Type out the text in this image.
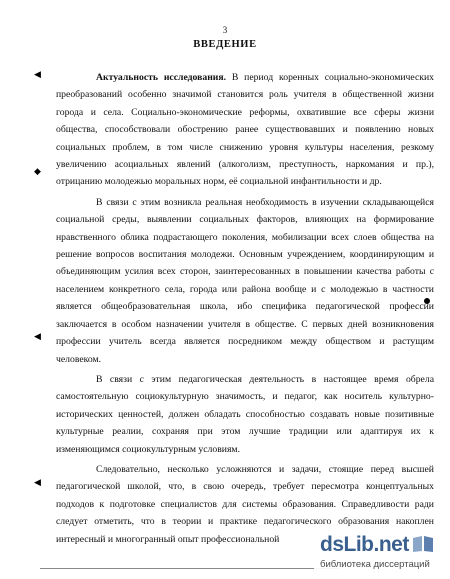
3
ВВЕДЕНИЕ
◀
◆
◀
◀

Актуальность исследования. В период коренных социально-экономических преобразований особенно значимой становится роль учителя в общественной жизни города и села. Социально-экономические реформы, охватившие все сферы жизни общества, способствовали обострению ранее существовавших и появлению новых социальных проблем, в том числе снижению уровня культуры населения, резкому увеличению асоциальных явлений (алкоголизм, преступность, наркомания и пр.), отрицанию молодежью моральных норм, её социальной инфантильности и др.

В связи с этим возникла реальная необходимость в изучении складывающейся социальной среды, выявлении социальных факторов, влияющих на формирование нравственного облика подрастающего поколения, мобилизации всех слоев общества на решение вопросов воспитания молодежи. Основным учреждением, координирующим и объединяющим усилия всех сторон, заинтересованных в повышении качества работы с населением конкретного села, города или района вообще и с молодежью в частности является общеобразовательная школа, ибо специфика педагогической профессии заключается в особом назначении учителя в обществе. С первых дней возникновения профессии учитель всегда является посредником между обществом и растущим человеком.

В связи с этим педагогическая деятельность в настоящее время обрела самостоятельную социокультурную значимость, и педагог, как носитель культурно-исторических ценностей, должен обладать способностью создавать новые позитивные культурные реалии, сохраняя при этом лучшие традиции или адаптируя их к изменяющимся социокультурным условиям.

Следовательно, несколько усложняются и задачи, стоящие перед высшей педагогической школой, что, в свою очередь, требует пересмотра концептуальных подходов к подготовке специалистов для системы образования. Справедливости ради следует отметить, что в теории и практике педагогического образования накоплен интересный и многогранный опыт профессиональной	dsLib.net
библиотека диссертаций
